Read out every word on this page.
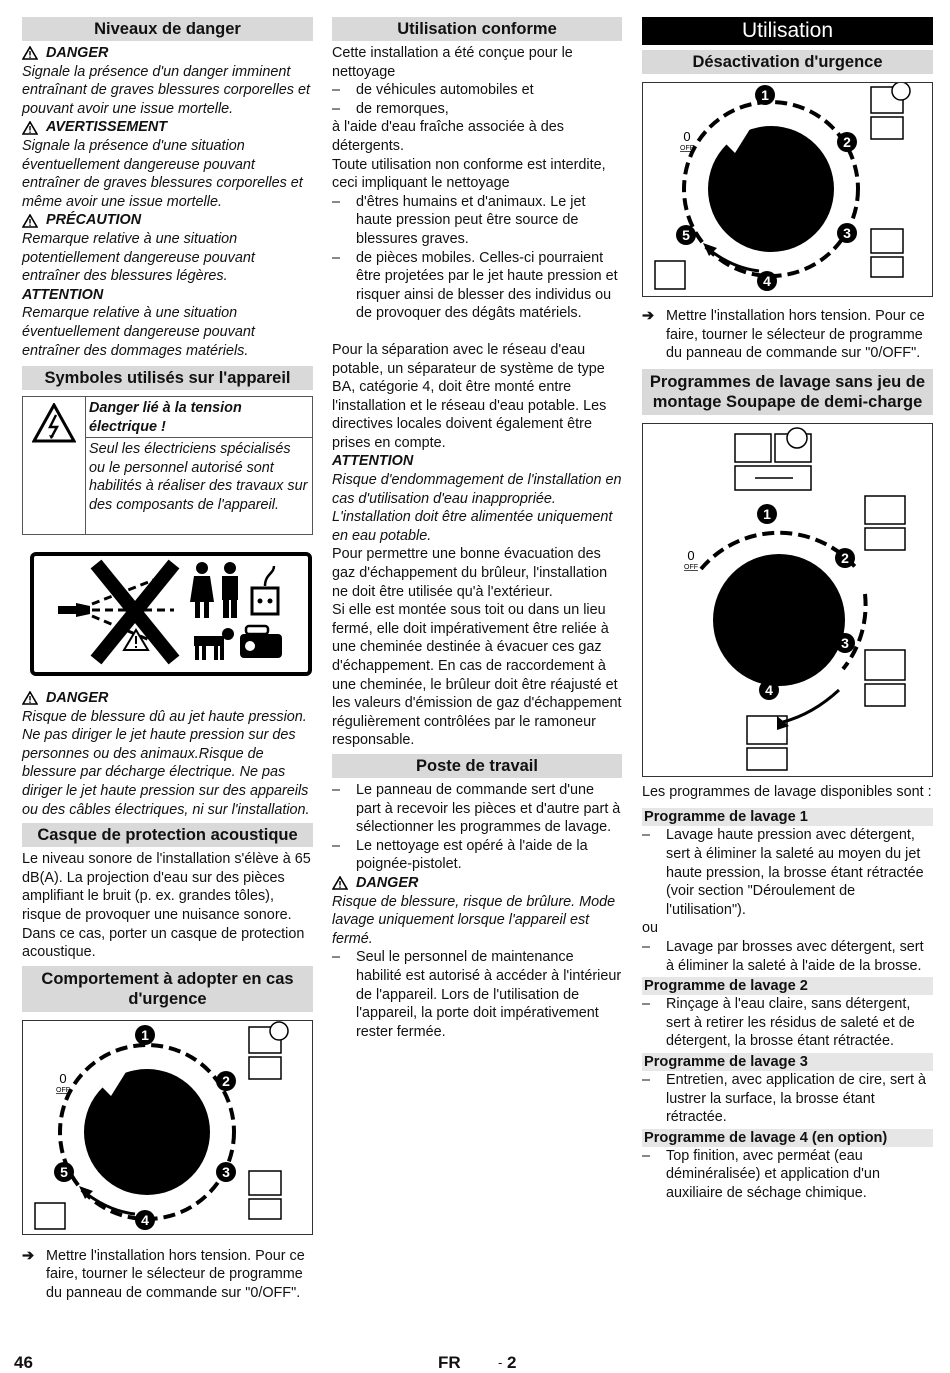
Niveaux de danger
DANGER

Signale la présence d'un danger imminent entraînant de graves blessures corporelles et pouvant avoir une issue mortelle.

AVERTISSEMENT

Signale la présence d'une situation éventuellement dangereuse pouvant entraîner de graves blessures corporelles et même avoir une issue mortelle.

PRÉCAUTION

Remarque relative à une situation potentiellement dangereuse pouvant entraîner des blessures légères.

ATTENTION

Remarque relative à une situation éventuellement dangereuse pouvant entraîner des dommages matériels.

Symboles utilisés sur l'appareil
Danger lié à la tension électrique !
Seul les électriciens spécialisés ou le personnel autorisé sont habilités à réaliser des travaux sur des composants de l'appareil.
DANGER

Risque de blessure dû au jet haute pression. Ne pas diriger le jet haute pression sur des personnes ou des animaux.Risque de blessure par décharge électrique. Ne pas diriger le jet haute pression sur des appareils ou des câbles électriques, ni sur l'installation.

Casque de protection acoustique

Le niveau sonore de l'installation s'élève à 65 dB(A). La projection d'eau sur des pièces amplifiant le bruit (p. ex. grandes tôles), risque de provoquer une nuisance sonore. Dans ce cas, porter un casque de protection acoustique.

Comportement à adopter en cas d'urgence
0
OFF
1
2
3
4
5
➔ Mettre l'installation hors tension. Pour ce faire, tourner le sélecteur de programme du panneau de commande sur "0/OFF".
Utilisation conforme

Cette installation a été conçue pour le nettoyage

–	de véhicules automobiles et
–	de remorques,

à l'aide d'eau fraîche associée à des détergents.

Toute utilisation non conforme est interdite, ceci impliquant le nettoyage

–	d'êtres humains et d'animaux. Le jet haute pression peut être source de blessures graves.
–	de pièces mobiles. Celles-ci pourraient être projetées par le jet haute pression et risquer ainsi de blesser des individus ou de provoquer des dégâts matériels.

Pour la séparation avec le réseau d'eau potable, un séparateur de système de type BA, catégorie 4, doit être monté entre l'installation et le réseau d'eau potable. Les directives locales doivent également être prises en compte.

ATTENTION

Risque d'endommagement de l'installation en cas d'utilisation d'eau inappropriée. L'installation doit être alimentée uniquement en eau potable.

Pour permettre une bonne évacuation des gaz d'échappement du brûleur, l'installation ne doit être utilisée qu'à l'extérieur.

Si elle est montée sous toit ou dans un lieu fermé, elle doit impérativement être reliée à une cheminée destinée à évacuer ces gaz d'échappement. En cas de raccordement à une cheminée, le brûleur doit être réajusté et les valeurs d'émission de gaz d'échappement régulièrement contrôlées par le ramoneur responsable.

Poste de travail
–	Le panneau de commande sert d'une part à recevoir les pièces et d'autre part à sélectionner les programmes de lavage.
–	Le nettoyage est opéré à l'aide de la poignée-pistolet.
DANGER

Risque de blessure, risque de brûlure. Mode lavage uniquement lorsque l'appareil est fermé.

–	Seul le personnel de maintenance habilité est autorisé à accéder à l'intérieur de l'appareil. Lors de l'utilisation de l'appareil, la porte doit impérativement rester fermée.
Utilisation
Désactivation d'urgence
0
OFF
1
2
3
4
5
➔ Mettre l'installation hors tension. Pour ce faire, tourner le sélecteur de programme du panneau de commande sur "0/OFF".
Programmes de lavage sans jeu de montage Soupape de demi-charge
0
OFF
1
2
3
4

Les programmes de lavage disponibles sont :

Programme de lavage 1
–	Lavage haute pression avec détergent, sert à éliminer la saleté au moyen du jet haute pression, la brosse étant rétractée (voir section "Déroulement de l'utilisation").

ou

–	Lavage par brosses avec détergent, sert à éliminer la saleté à l'aide de la brosse.
Programme de lavage 2
–	Rinçage à l'eau claire, sans détergent, sert à retirer les résidus de saleté et de détergent, la brosse étant rétractée.
Programme de lavage 3
–	Entretien, avec application de cire, sert à lustrer la surface, la brosse étant rétractée.
Programme de lavage 4 (en option)
–	Top finition, avec perméat (eau déminéralisée) et application d'un auxiliaire de séchage chimique.
46	FR	- 2
